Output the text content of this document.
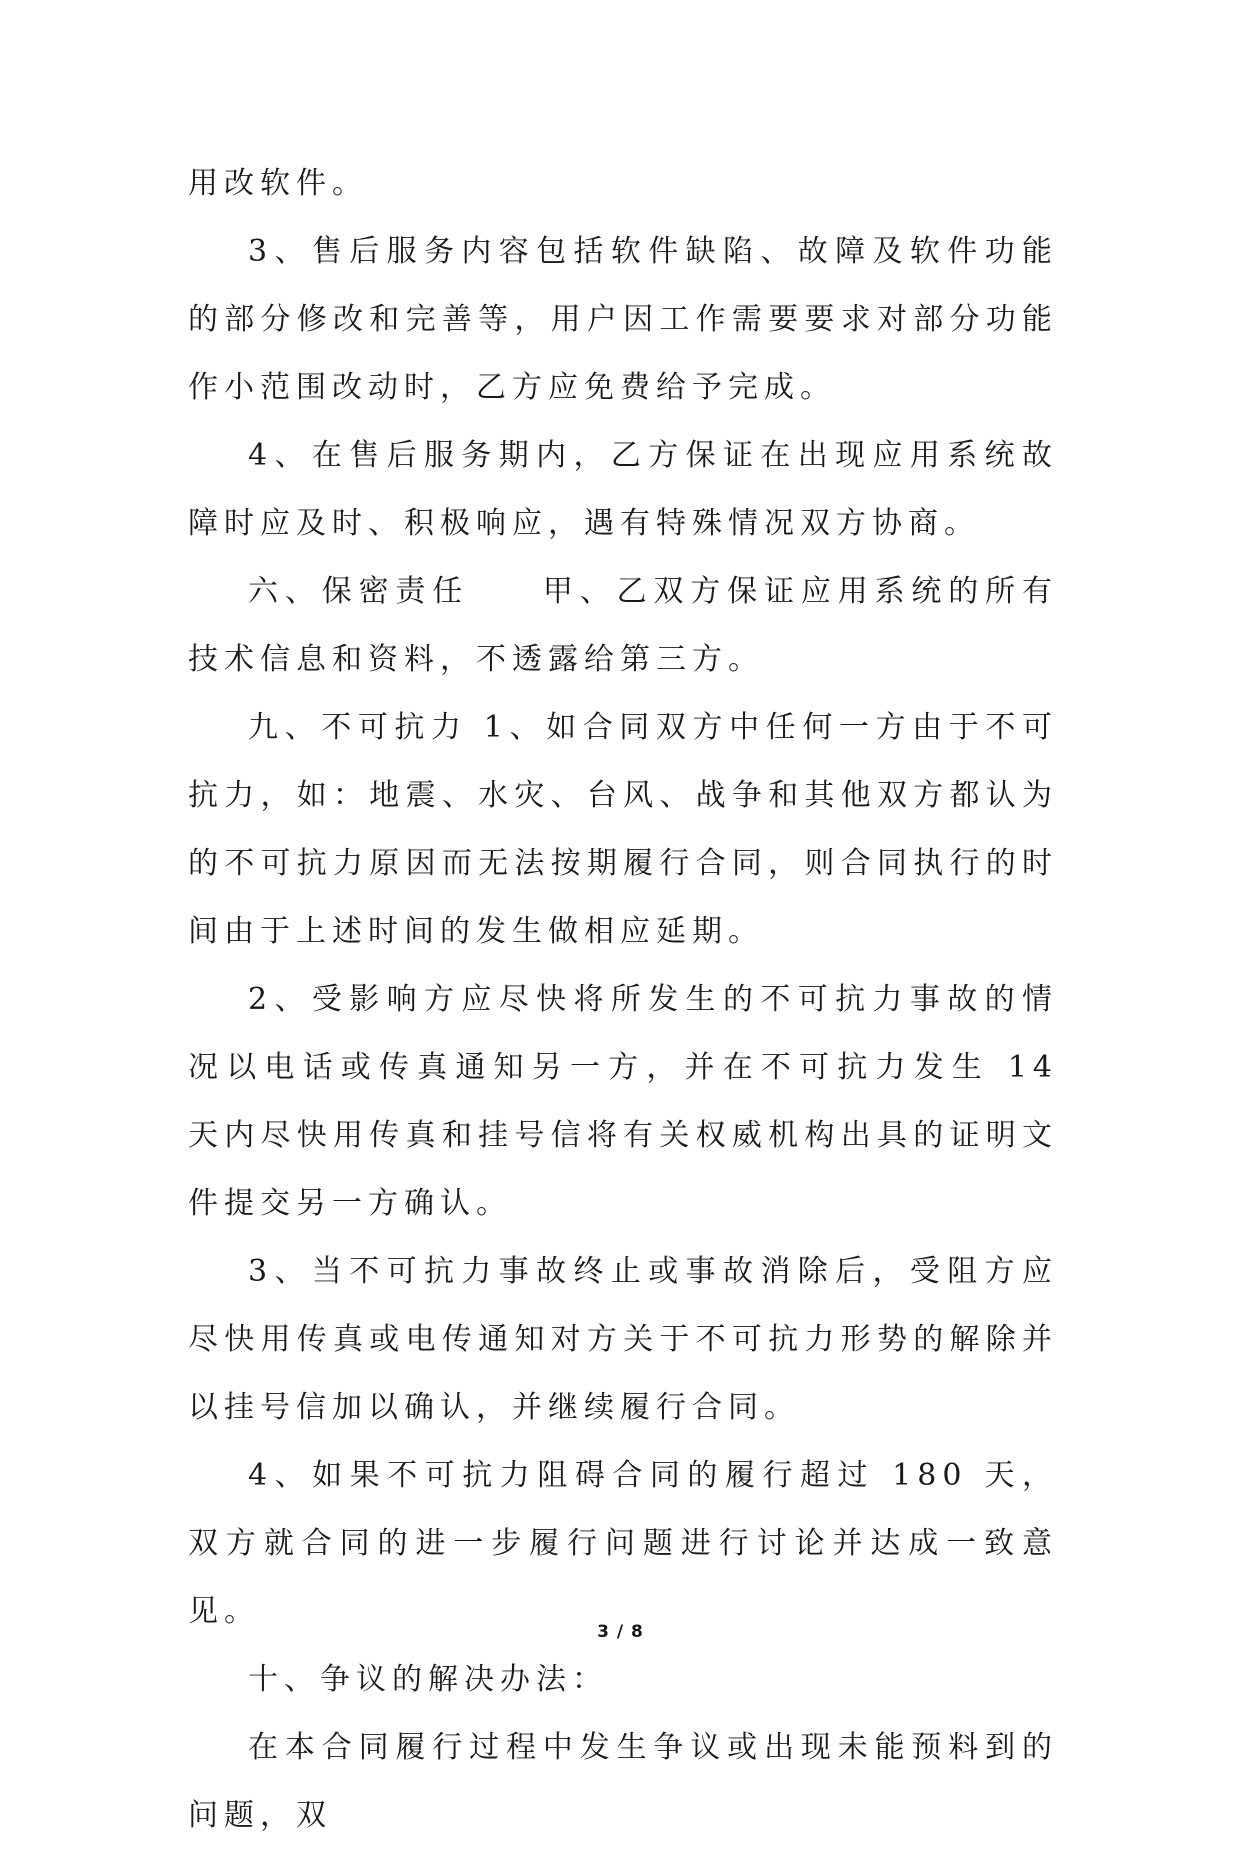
用改软件。

3、售后服务内容包括软件缺陷、故障及软件功能的部分修改和完善等，用户因工作需要要求对部分功能作小范围改动时，乙方应免费给予完成。

4、在售后服务期内，乙方保证在出现应用系统故障时应及时、积极响应，遇有特殊情况双方协商。

六、保密责任　　甲、乙双方保证应用系统的所有技术信息和资料，不透露给第三方。

九、不可抗力 1、如合同双方中任何一方由于不可抗力，如：地震、水灾、台风、战争和其他双方都认为的不可抗力原因而无法按期履行合同，则合同执行的时间由于上述时间的发生做相应延期。

2、受影响方应尽快将所发生的不可抗力事故的情况以电话或传真通知另一方，并在不可抗力发生 14 天内尽快用传真和挂号信将有关权威机构出具的证明文件提交另一方确认。

3、当不可抗力事故终止或事故消除后，受阻方应尽快用传真或电传通知对方关于不可抗力形势的解除并以挂号信加以确认，并继续履行合同。

4、如果不可抗力阻碍合同的履行超过 180 天，双方就合同的进一步履行问题进行讨论并达成一致意见。

十、争议的解决办法：

在本合同履行过程中发生争议或出现未能预料到的问题，双

3 / 8
